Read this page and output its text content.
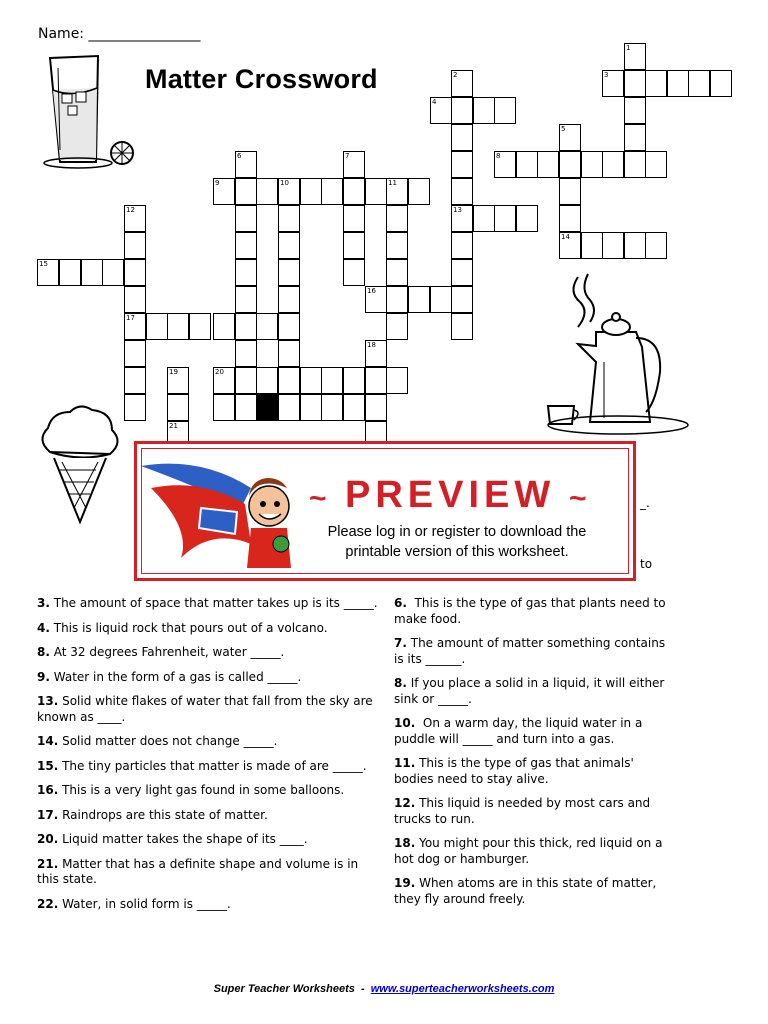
Name: ________________
Matter Crossword
1
3
2
4
5
8
9	10	11
6	7
13
14
12
15
16
17
18
19
21
20
_.
to
~ PREVIEW ~
Please log in or register to download the printable version of this worksheet.
3. The amount of space that matter takes up is its _____.
4. This is liquid rock that pours out of a volcano.
8. At 32 degrees Fahrenheit, water _____.
9. Water in the form of a gas is called _____.
13. Solid white flakes of water that fall from the sky are known as ____.
14. Solid matter does not change _____.
15. The tiny particles that matter is made of are _____.
16. This is a very light gas found in some balloons.
17. Raindrops are this state of matter.
20. Liquid matter takes the shape of its ____.
21. Matter that has a definite shape and volume is in this state.
22. Water, in solid form is _____.
6.  This is the type of gas that plants need to make food.
7. The amount of matter something contains is its ______.
8. If you place a solid in a liquid, it will either sink or _____.
10.  On a warm day, the liquid water in a puddle will _____ and turn into a gas.
11. This is the type of gas that animals' bodies need to stay alive.
12. This liquid is needed by most cars and trucks to run.
18. You might pour this thick, red liquid on a hot dog or hamburger.
19. When atoms are in this state of matter, they fly around freely.
Super Teacher Worksheets  -  www.superteacherworksheets.com
